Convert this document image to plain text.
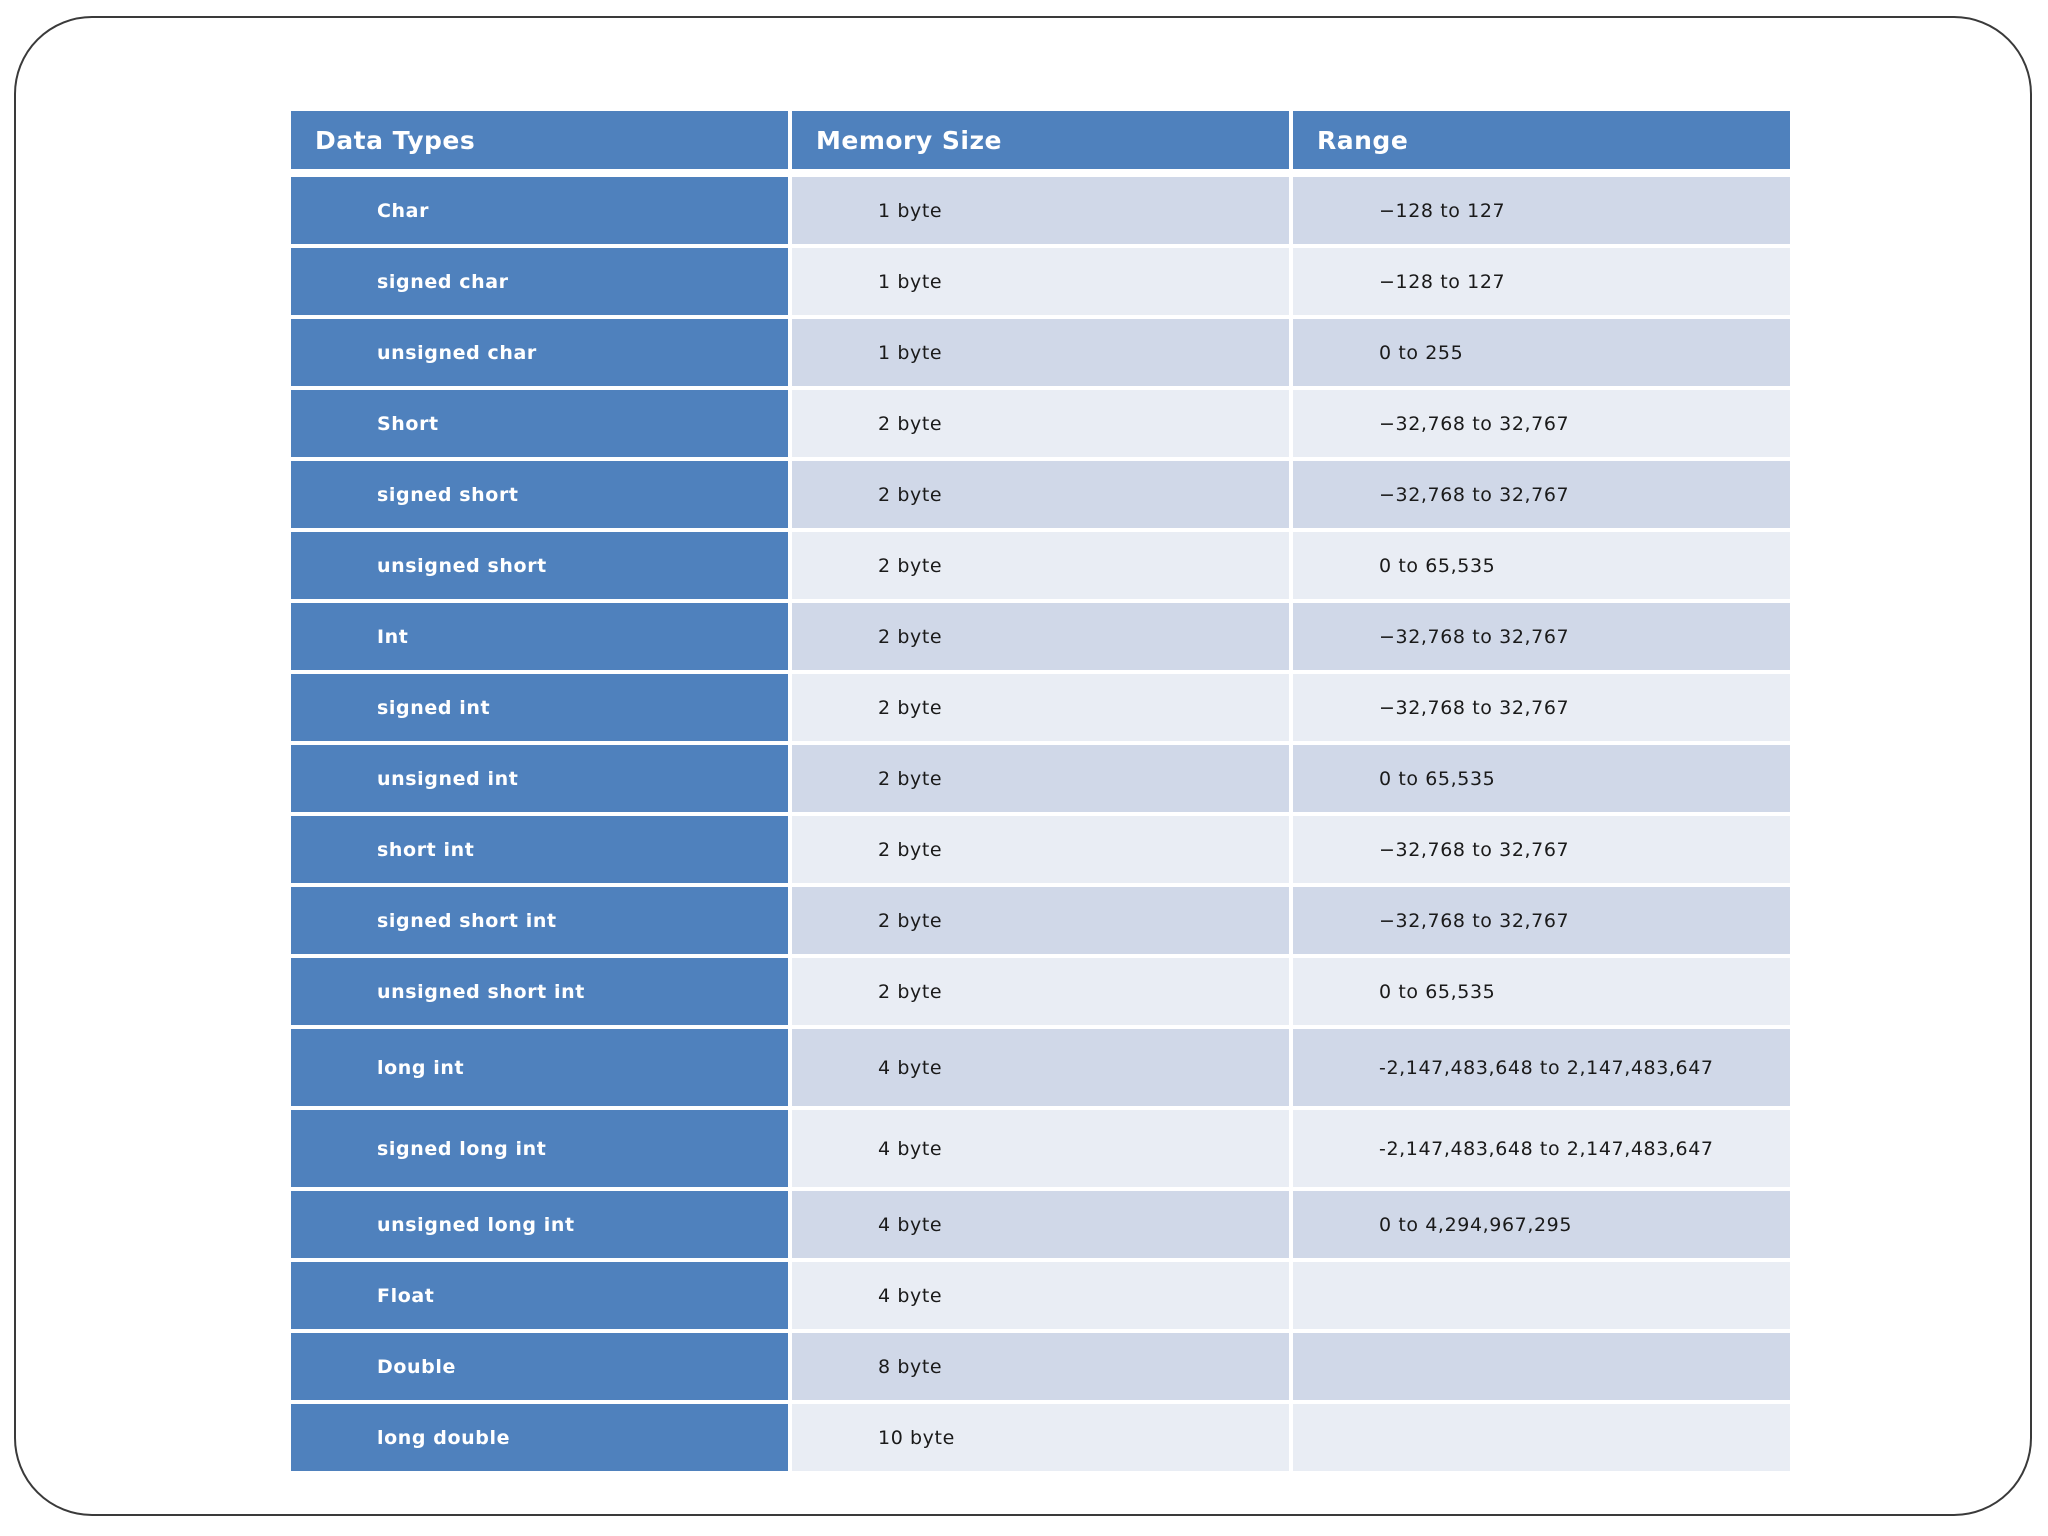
Data Types	Memory Size	Range
Char	1 byte	−128 to 127
signed char	1 byte	−128 to 127
unsigned char	1 byte	0 to 255
Short	2 byte	−32,768 to 32,767
signed short	2 byte	−32,768 to 32,767
unsigned short	2 byte	0 to 65,535
Int	2 byte	−32,768 to 32,767
signed int	2 byte	−32,768 to 32,767
unsigned int	2 byte	0 to 65,535
short int	2 byte	−32,768 to 32,767
signed short int	2 byte	−32,768 to 32,767
unsigned short int	2 byte	0 to 65,535
long int	4 byte	-2,147,483,648 to 2,147,483,647
signed long int	4 byte	-2,147,483,648 to 2,147,483,647
unsigned long int	4 byte	0 to 4,294,967,295
Float	4 byte	
Double	8 byte	
long double	10 byte	
